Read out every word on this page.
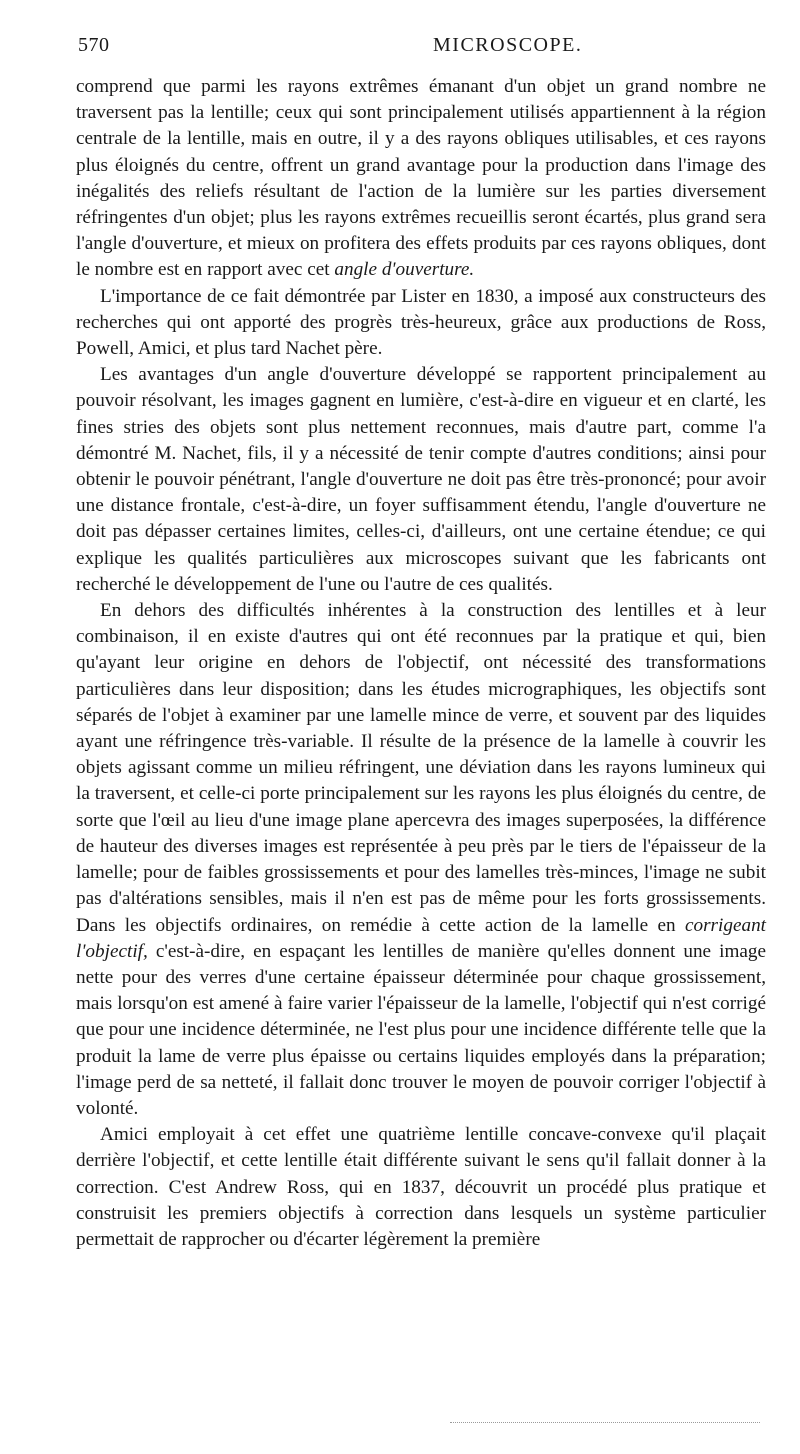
570	MICROSCOPE.

comprend que parmi les rayons extrêmes émanant d'un objet un grand nombre ne traversent pas la lentille; ceux qui sont principalement utilisés appartiennent à la région centrale de la lentille, mais en outre, il y a des rayons obliques utilisables, et ces rayons plus éloignés du centre, offrent un grand avantage pour la production dans l'image des inégalités des reliefs résultant de l'action de la lumière sur les parties diversement réfringentes d'un objet; plus les rayons extrêmes recueillis seront écartés, plus grand sera l'angle d'ouverture, et mieux on profitera des effets produits par ces rayons obliques, dont le nombre est en rapport avec cet angle d'ouverture.

L'importance de ce fait démontrée par Lister en 1830, a imposé aux constructeurs des recherches qui ont apporté des progrès très-heureux, grâce aux productions de Ross, Powell, Amici, et plus tard Nachet père.

Les avantages d'un angle d'ouverture développé se rapportent principalement au pouvoir résolvant, les images gagnent en lumière, c'est-à-dire en vigueur et en clarté, les fines stries des objets sont plus nettement reconnues, mais d'autre part, comme l'a démontré M. Nachet, fils, il y a nécessité de tenir compte d'autres conditions; ainsi pour obtenir le pouvoir pénétrant, l'angle d'ouverture ne doit pas être très-prononcé; pour avoir une distance frontale, c'est-à-dire, un foyer suffisamment étendu, l'angle d'ouverture ne doit pas dépasser certaines limites, celles-ci, d'ailleurs, ont une certaine étendue; ce qui explique les qualités particulières aux microscopes suivant que les fabricants ont recherché le développement de l'une ou l'autre de ces qualités.

En dehors des difficultés inhérentes à la construction des lentilles et à leur combinaison, il en existe d'autres qui ont été reconnues par la pratique et qui, bien qu'ayant leur origine en dehors de l'objectif, ont nécessité des transformations particulières dans leur disposition; dans les études micrographiques, les objectifs sont séparés de l'objet à examiner par une lamelle mince de verre, et souvent par des liquides ayant une réfringence très-variable. Il résulte de la présence de la lamelle à couvrir les objets agissant comme un milieu réfringent, une déviation dans les rayons lumineux qui la traversent, et celle-ci porte principalement sur les rayons les plus éloignés du centre, de sorte que l'œil au lieu d'une image plane apercevra des images superposées, la différence de hauteur des diverses images est représentée à peu près par le tiers de l'épaisseur de la lamelle; pour de faibles grossissements et pour des lamelles très-minces, l'image ne subit pas d'altérations sensibles, mais il n'en est pas de même pour les forts grossissements. Dans les objectifs ordinaires, on remédie à cette action de la lamelle en corrigeant l'objectif, c'est-à-dire, en espaçant les lentilles de manière qu'elles donnent une image nette pour des verres d'une certaine épaisseur déterminée pour chaque grossissement, mais lorsqu'on est amené à faire varier l'épaisseur de la lamelle, l'objectif qui n'est corrigé que pour une incidence déterminée, ne l'est plus pour une incidence différente telle que la produit la lame de verre plus épaisse ou certains liquides employés dans la préparation; l'image perd de sa netteté, il fallait donc trouver le moyen de pouvoir corriger l'objectif à volonté.

Amici employait à cet effet une quatrième lentille concave-convexe qu'il plaçait derrière l'objectif, et cette lentille était différente suivant le sens qu'il fallait donner à la correction. C'est Andrew Ross, qui en 1837, découvrit un procédé plus pratique et construisit les premiers objectifs à correction dans lesquels un système particulier permettait de rapprocher ou d'écarter légèrement la première
